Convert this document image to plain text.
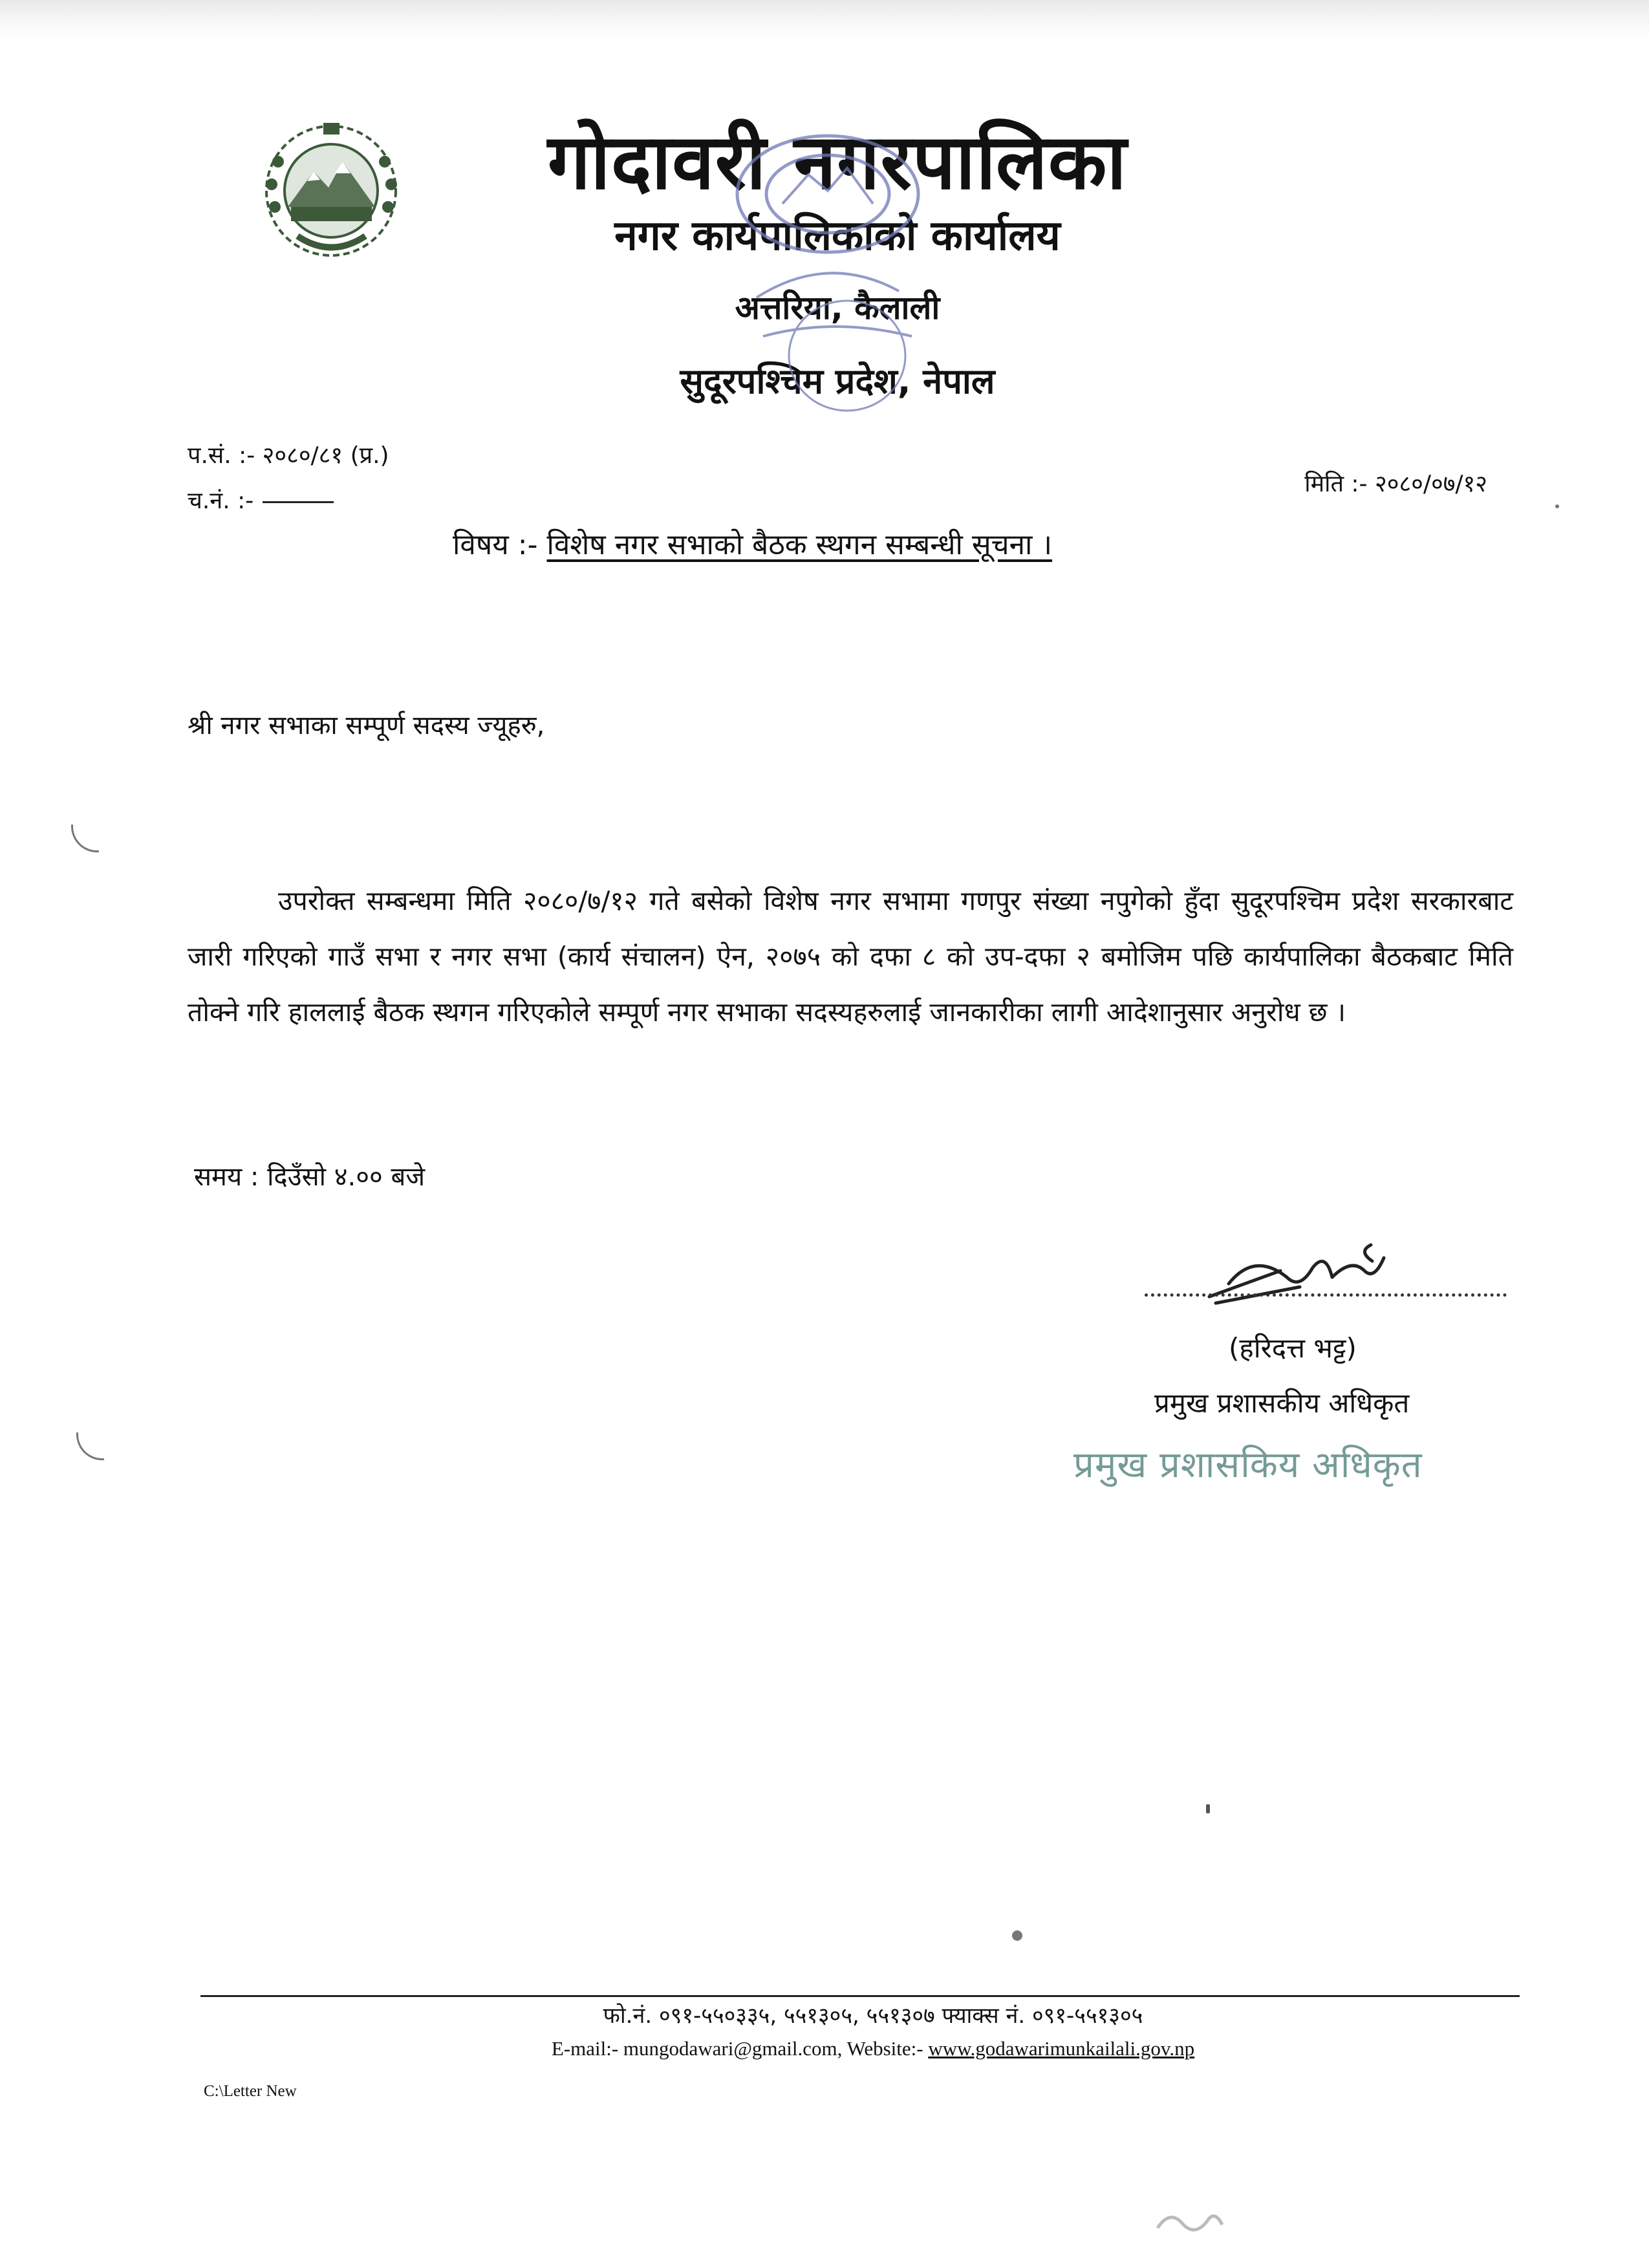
गोदावरी नगरपालिका
नगर कार्यपालिकाको कार्यालय
अत्तरिया, कैलाली
सुदूरपश्चिम प्रदेश, नेपाल
प.सं. :- २०८०/८१ (प्र.)
च.नं. :-
मिति :- २०८०/०७/१२
विषय :- विशेष नगर सभाको बैठक स्थगन सम्बन्धी सूचना ।
श्री नगर सभाका सम्पूर्ण सदस्य ज्यूहरु,
उपरोक्त सम्बन्धमा मिति २०८०/७/१२ गते बसेको विशेष नगर सभामा गणपुर संख्या नपुगेको हुँदा सुदूरपश्चिम प्रदेश सरकारबाट जारी गरिएको गाउँ सभा र नगर सभा (कार्य संचालन) ऐन, २०७५ को दफा ८ को उप-दफा २ बमोजिम पछि कार्यपालिका बैठकबाट मिति तोक्ने गरि हाललाई बैठक स्थगन गरिएकोले सम्पूर्ण नगर सभाका सदस्यहरुलाई जानकारीका लागी आदेशानुसार अनुरोध छ ।
समय : दिउँसो ४.०० बजे
(हरिदत्त भट्ट)
प्रमुख प्रशासकीय अधिकृत
प्रमुख प्रशासकिय अधिकृत
फो.नं. ०९१-५५०३३५, ५५१३०५, ५५१३०७ फ्याक्स नं. ०९१-५५१३०५
E-mail:- mungodawari@gmail.com, Website:- www.godawarimunkailali.gov.np
C:\Letter New
